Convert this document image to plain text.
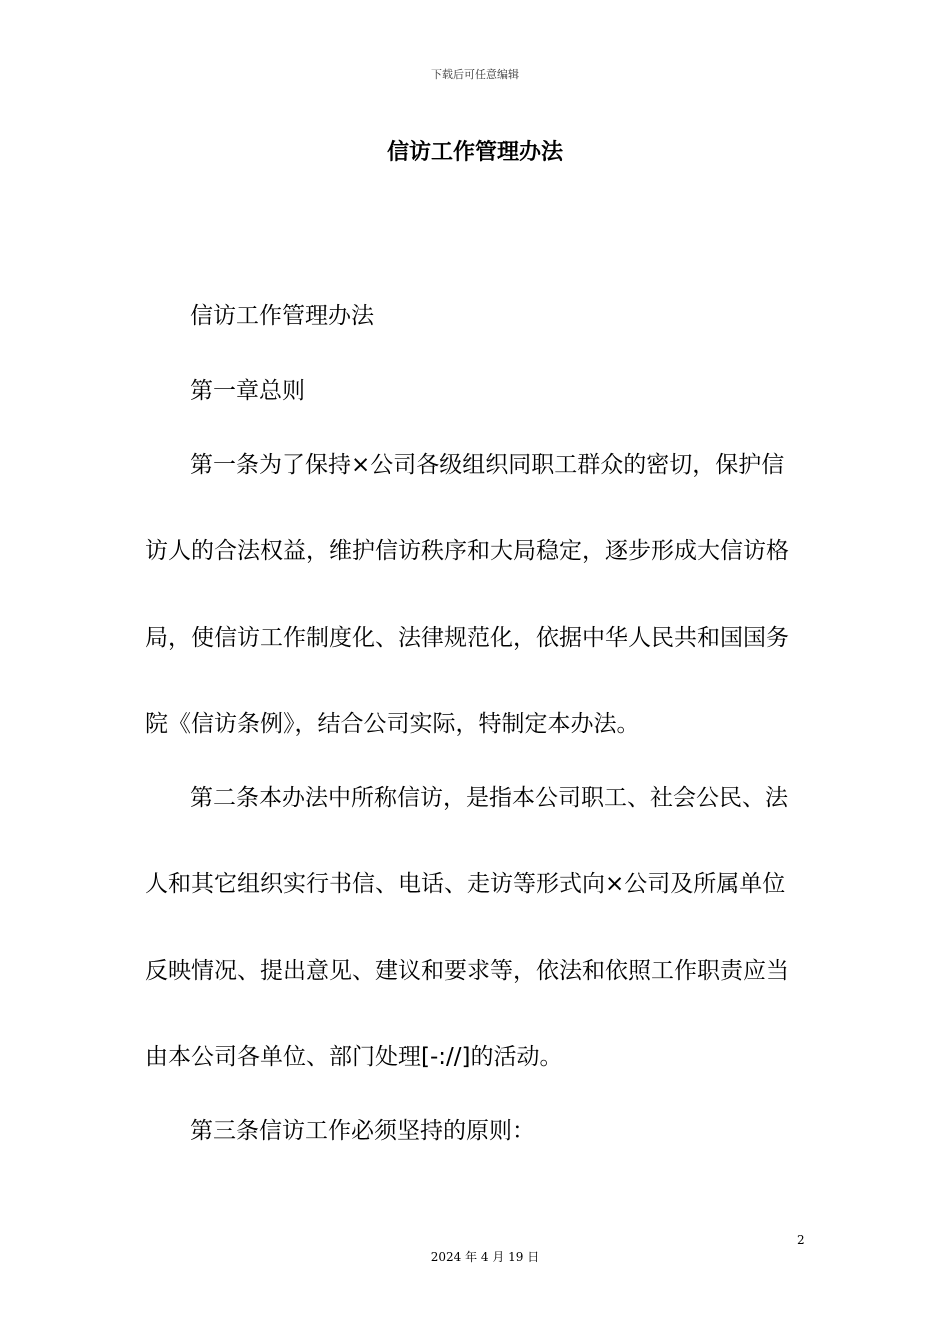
下载后可任意编辑
信访工作管理办法
信访工作管理办法
第一章总则
第一条为了保持×公司各级组织同职工群众的密切，保护信
访人的合法权益，维护信访秩序和大局稳定，逐步形成大信访格
局，使信访工作制度化、法律规范化，依据中华人民共和国国务
院《信访条例》，结合公司实际，特制定本办法。
第二条本办法中所称信访，是指本公司职工、社会公民、法
人和其它组织实行书信、电话、走访等形式向×公司及所属单位
反映情况、提出意见、建议和要求等，依法和依照工作职责应当
由本公司各单位、部门处理[-://]的活动。
第三条信访工作必须坚持的原则：
2
2024 年 4 月 19 日
